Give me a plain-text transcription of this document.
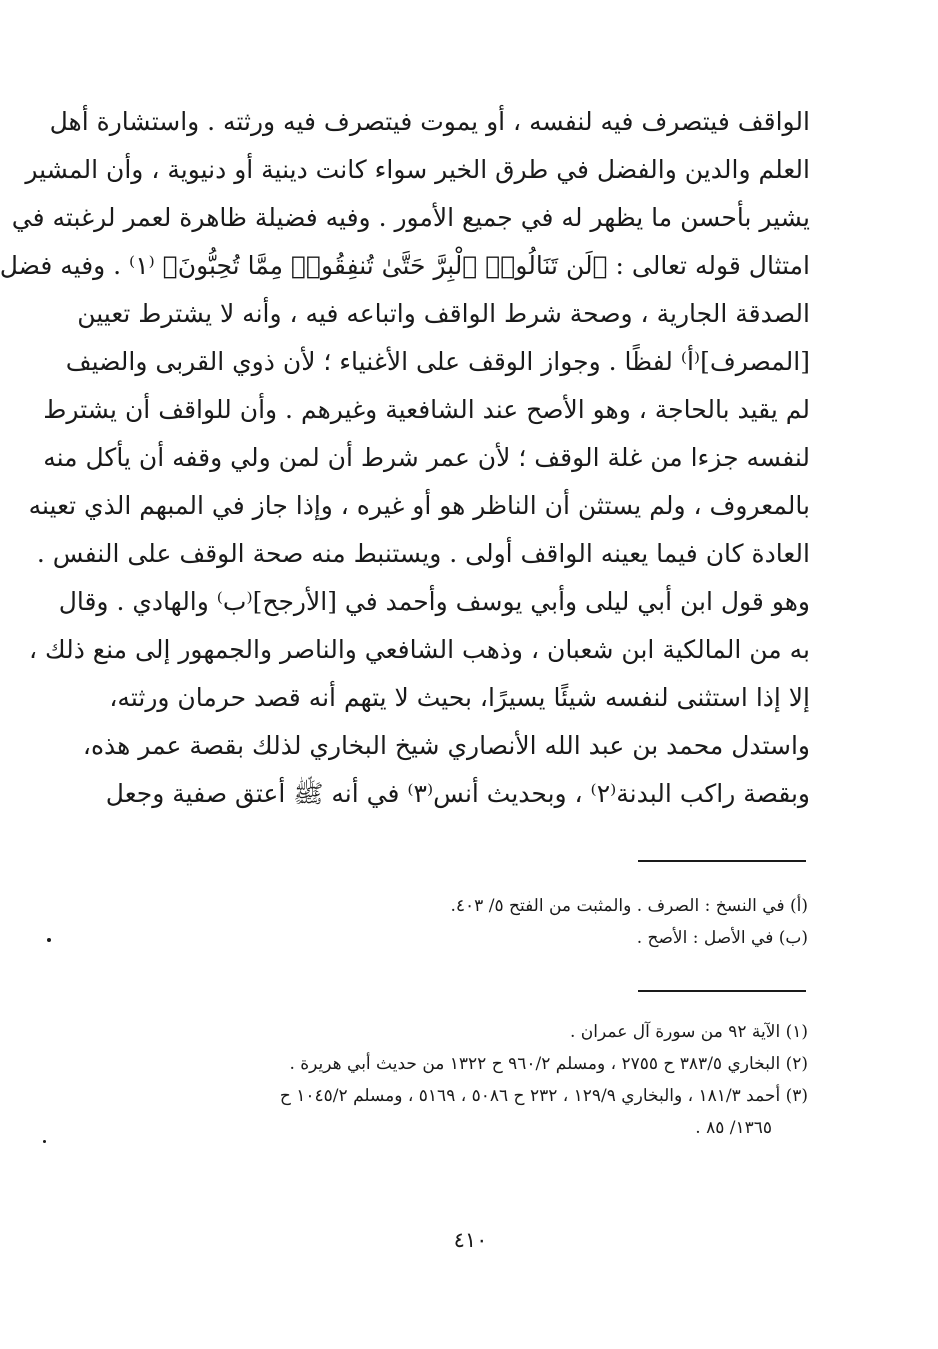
الواقف فيتصرف فيه لنفسه ، أو يموت فيتصرف فيه ورثته . واستشارة أهل
العلم والدين والفضل في طرق الخير سواء كانت دينية أو دنيوية ، وأن المشير
يشير بأحسن ما يظهر له في جميع الأمور . وفيه فضيلة ظاهرة لعمر لرغبته في
امتثال قوله تعالى : ﴿لَن تَنَالُوا۟ ٱلْبِرَّ حَتَّىٰ تُنفِقُوا۟ مِمَّا تُحِبُّونَ﴾ ⁽١⁾ . وفيه فضل
الصدقة الجارية ، وصحة شرط الواقف واتباعه فيه ، وأنه لا يشترط تعيين
[المصرف]⁽أ⁾ لفظًا . وجواز الوقف على الأغنياء ؛ لأن ذوي القربى والضيف
لم يقيد بالحاجة ، وهو الأصح عند الشافعية وغيرهم . وأن للواقف أن يشترط
لنفسه جزءا من غلة الوقف ؛ لأن عمر شرط أن لمن ولي وقفه أن يأكل منه
بالمعروف ، ولم يستثن أن الناظر هو أو غيره ، وإذا جاز في المبهم الذي تعينه
العادة كان فيما يعينه الواقف أولى . ويستنبط منه صحة الوقف على النفس .
وهو قول ابن أبي ليلى وأبي يوسف وأحمد في [الأرجح]⁽ب⁾ والهادي . وقال
به من المالكية ابن شعبان ، وذهب الشافعي والناصر والجمهور إلى منع ذلك ،
إلا إذا استثنى لنفسه شيئًا يسيرًا، بحيث لا يتهم أنه قصد حرمان ورثته،
واستدل محمد بن عبد الله الأنصاري شيخ البخاري لذلك بقصة عمر هذه،
وبقصة راكب البدنة⁽٢⁾ ، وبحديث أنس⁽٣⁾ في أنه ﷺ أعتق صفية وجعل
(أ) في النسخ : الصرف . والمثبت من الفتح ٥/ ٤٠٣.
(ب) في الأصل : الأصح .
(١) الآية ٩٢ من سورة آل عمران .
(٢) البخاري ٣٨٣/٥ ح ٢٧٥٥ ، ومسلم ٩٦٠/٢ ح ١٣٢٢ من حديث أبي هريرة .
(٣) أحمد ١٨١/٣ ، والبخاري ١٢٩/٩ ، ٢٣٢ ح ٥٠٨٦ ، ٥١٦٩ ، ومسلم ١٠٤٥/٢ ح
١٣٦٥/ ٨٥ .
٤١٠
